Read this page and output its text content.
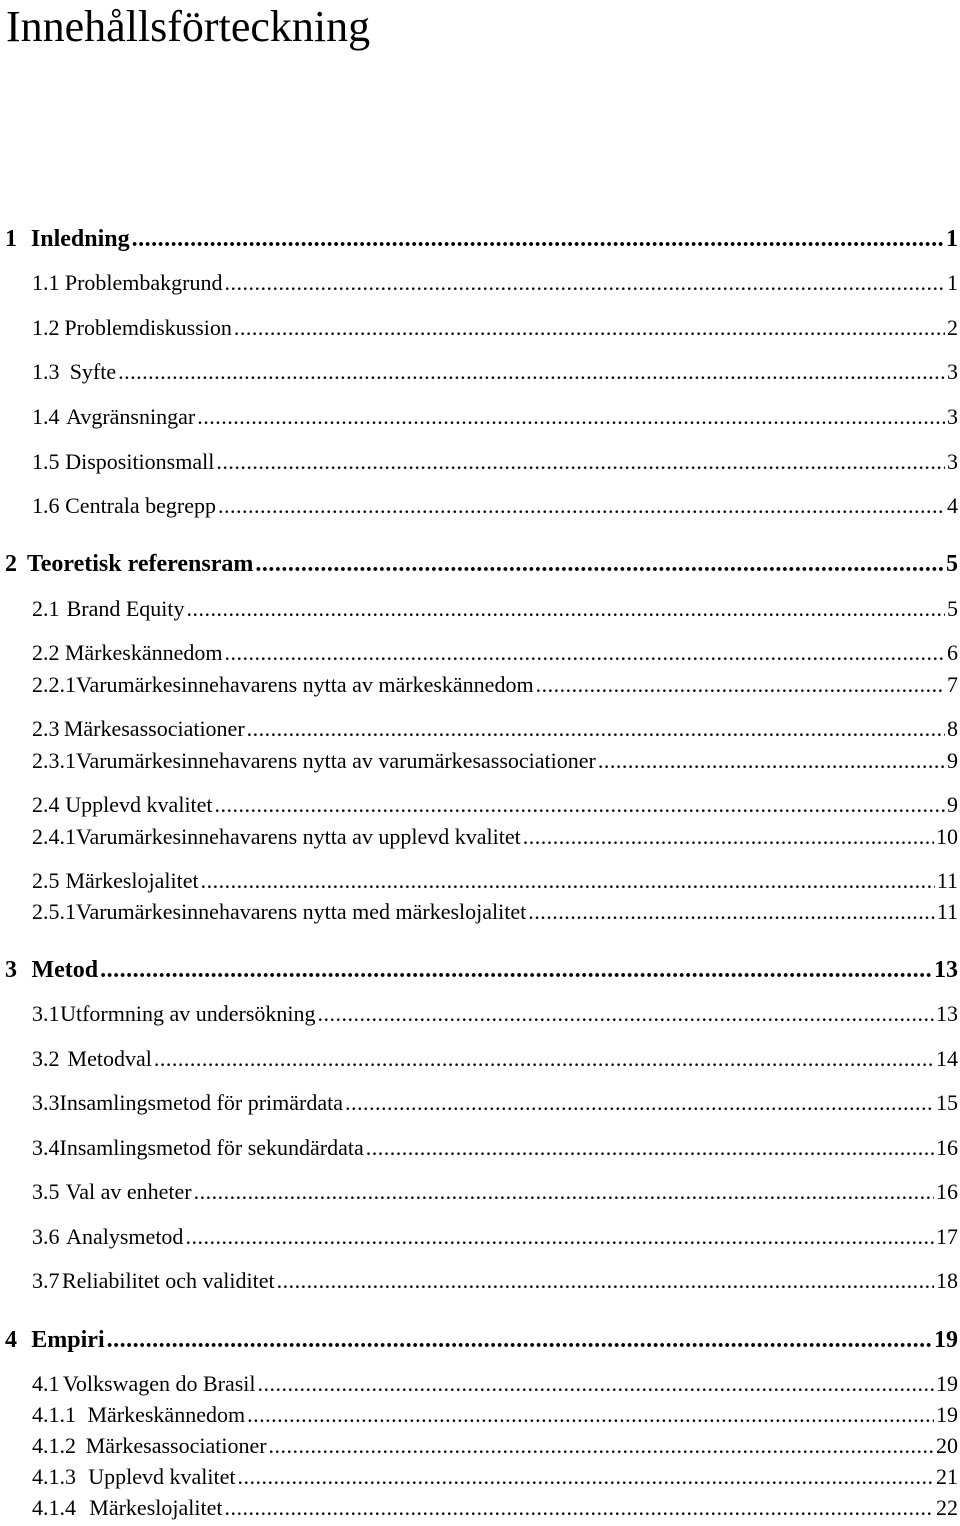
Innehållsförteckning
1 Inledning .....	1
1.1 Problembakgrund .....	1
1.2 Problemdiskussion .....	2
1.3 Syfte .....	3
1.4 Avgränsningar .....	3
1.5 Dispositionsmall .....	3
1.6 Centrala begrepp .....	4
2 Teoretisk referensram .....	5
2.1 Brand Equity .....	5
2.2 Märkeskännedom .....	6
2.2.1 Varumärkesinnehavarens nytta av märkeskännedom .....	7
2.3 Märkesassociationer .....	8
2.3.1 Varumärkesinnehavarens nytta av varumärkesassociationer .....	9
2.4 Upplevd kvalitet .....	9
2.4.1 Varumärkesinnehavarens nytta av upplevd kvalitet .....	10
2.5 Märkeslojalitet .....	11
2.5.1 Varumärkesinnehavarens nytta med märkeslojalitet .....	11
3 Metod .....	13
3.1 Utformning av undersökning .....	13
3.2 Metodval .....	14
3.3 Insamlingsmetod för primärdata .....	15
3.4 Insamlingsmetod för sekundärdata .....	16
3.5 Val av enheter .....	16
3.6 Analysmetod .....	17
3.7 Reliabilitet och validitet .....	18
4 Empiri .....	19
4.1 Volkswagen do Brasil .....	19
4.1.1 Märkeskännedom .....	19
4.1.2 Märkesassociationer .....	20
4.1.3 Upplevd kvalitet .....	21
4.1.4 Märkeslojalitet .....	22
